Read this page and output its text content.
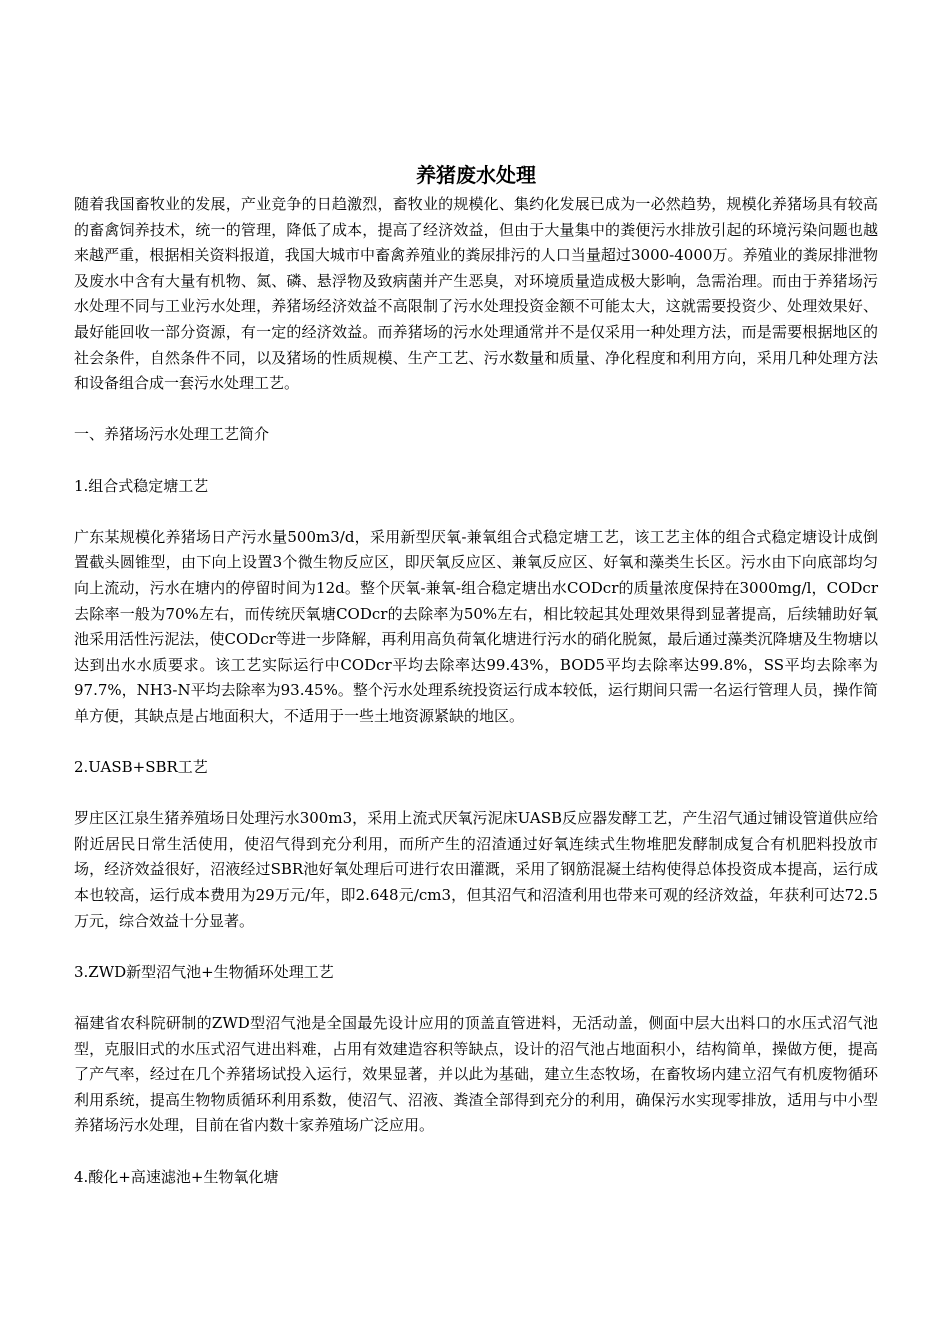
养猪废水处理

随着我国畜牧业的发展，产业竞争的日趋激烈，畜牧业的规模化、集约化发展已成为一必然趋势，规模化养猪场具有较高的畜禽饲养技术，统一的管理，降低了成本，提高了经济效益，但由于大量集中的粪便污水排放引起的环境污染问题也越来越严重，根据相关资料报道，我国大城市中畜禽养殖业的粪尿排污的人口当量超过3000-4000万。养殖业的粪尿排泄物及废水中含有大量有机物、氮、磷、悬浮物及致病菌并产生恶臭，对环境质量造成极大影响，急需治理。而由于养猪场污水处理不同与工业污水处理，养猪场经济效益不高限制了污水处理投资金额不可能太大，这就需要投资少、处理效果好、最好能回收一部分资源，有一定的经济效益。而养猪场的污水处理通常并不是仅采用一种处理方法，而是需要根据地区的社会条件，自然条件不同，以及猪场的性质规模、生产工艺、污水数量和质量、净化程度和利用方向，采用几种处理方法和设备组合成一套污水处理工艺。

一、养猪场污水处理工艺简介

1.组合式稳定塘工艺

广东某规模化养猪场日产污水量500m3/d，采用新型厌氧-兼氧组合式稳定塘工艺，该工艺主体的组合式稳定塘设计成倒置截头圆锥型，由下向上设置3个微生物反应区，即厌氧反应区、兼氧反应区、好氧和藻类生长区。污水由下向底部均匀向上流动，污水在塘内的停留时间为12d。整个厌氧-兼氧-组合稳定塘出水CODcr的质量浓度保持在3000mg/l，CODcr去除率一般为70%左右，而传统厌氧塘CODcr的去除率为50%左右，相比较起其处理效果得到显著提高，后续辅助好氧池采用活性污泥法，使CODcr等进一步降解，再利用高负荷氧化塘进行污水的硝化脱氮，最后通过藻类沉降塘及生物塘以达到出水水质要求。该工艺实际运行中CODcr平均去除率达99.43%，BOD5平均去除率达99.8%，SS平均去除率为97.7%，NH3-N平均去除率为93.45%。整个污水处理系统投资运行成本较低，运行期间只需一名运行管理人员，操作简单方便，其缺点是占地面积大，不适用于一些土地资源紧缺的地区。

2.UASB+SBR工艺

罗庄区江泉生猪养殖场日处理污水300m3，采用上流式厌氧污泥床UASB反应器发酵工艺，产生沼气通过铺设管道供应给附近居民日常生活使用，使沼气得到充分利用，而所产生的沼渣通过好氧连续式生物堆肥发酵制成复合有机肥料投放市场，经济效益很好，沼液经过SBR池好氧处理后可进行农田灌溉，采用了钢筋混凝土结构使得总体投资成本提高，运行成本也较高，运行成本费用为29万元/年，即2.648元/cm3，但其沼气和沼渣利用也带来可观的经济效益，年获利可达72.5万元，综合效益十分显著。

3.ZWD新型沼气池+生物循环处理工艺

福建省农科院研制的ZWD型沼气池是全国最先设计应用的顶盖直管进料，无活动盖，侧面中层大出料口的水压式沼气池型，克服旧式的水压式沼气进出料难，占用有效建造容积等缺点，设计的沼气池占地面积小，结构简单，操做方便，提高了产气率，经过在几个养猪场试投入运行，效果显著，并以此为基础，建立生态牧场，在畜牧场内建立沼气有机废物循环利用系统，提高生物物质循环利用系数，使沼气、沼液、粪渣全部得到充分的利用，确保污水实现零排放，适用与中小型养猪场污水处理，目前在省内数十家养殖场广泛应用。

4.酸化+高速滤池+生物氧化塘
